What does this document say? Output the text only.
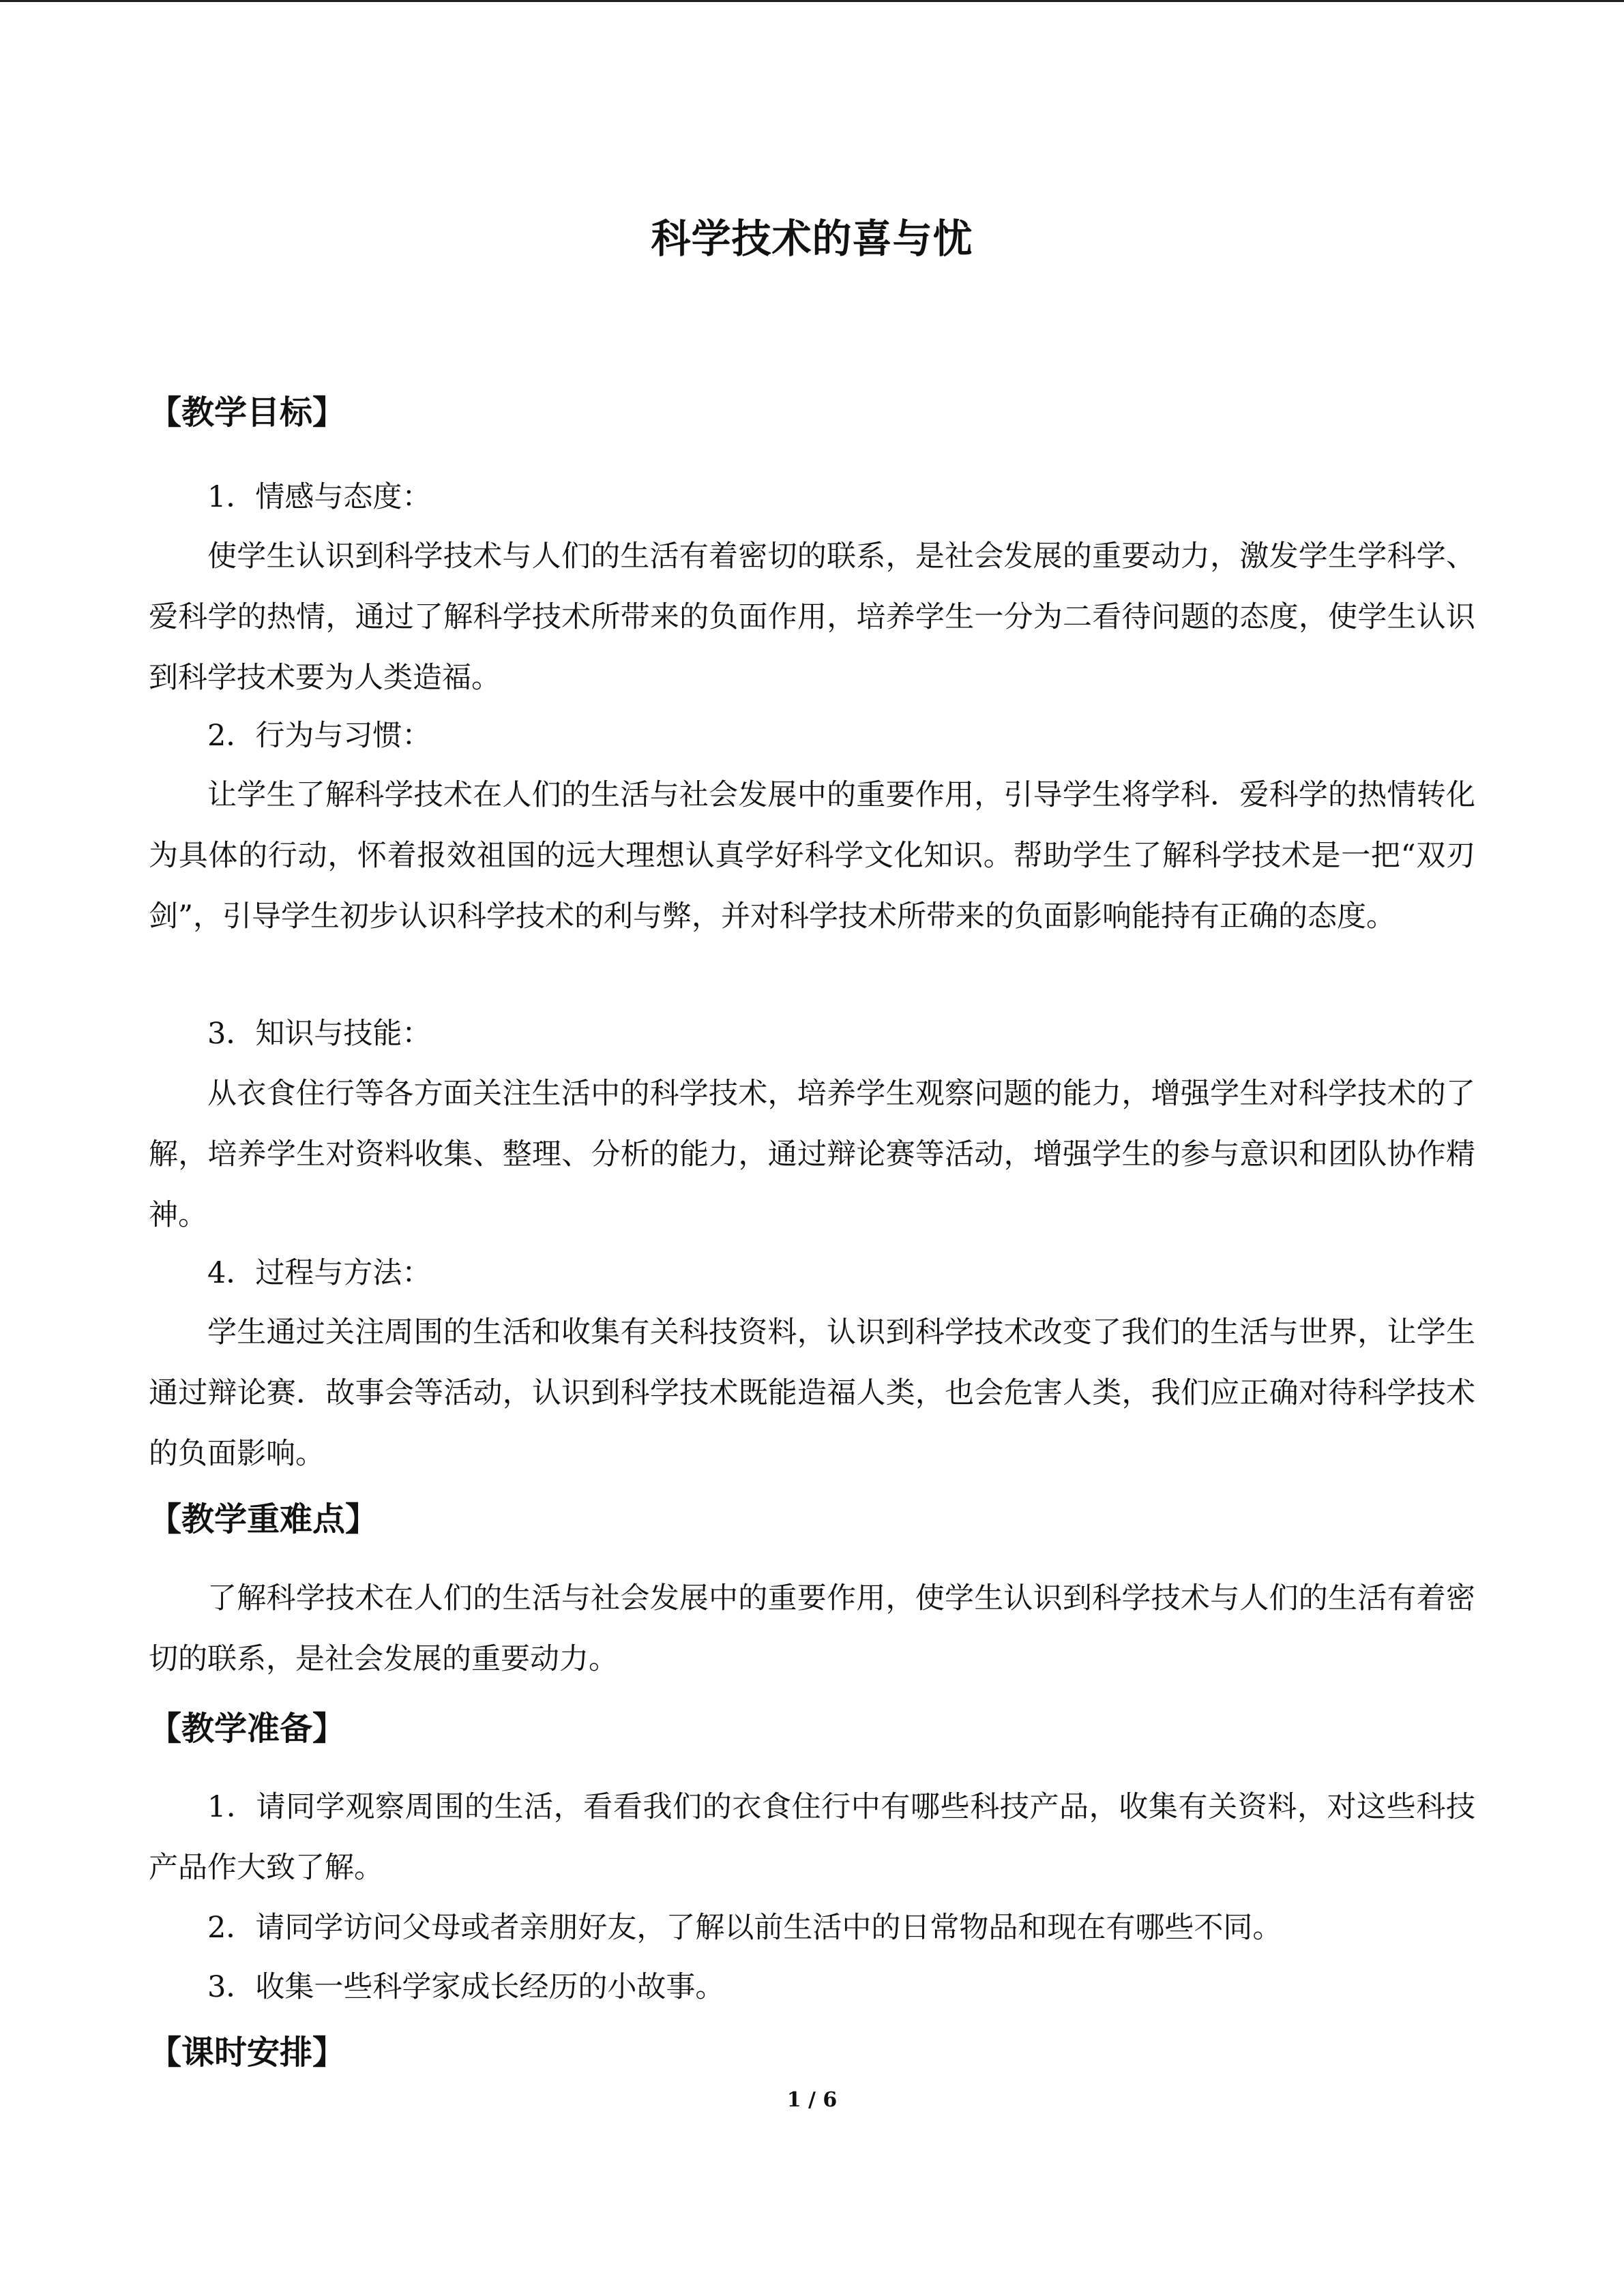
科学技术的喜与忧
【教学目标】
1．情感与态度：

使学生认识到科学技术与人们的生活有着密切的联系，是社会发展的重要动力，激发学生学科学、爱科学的热情，通过了解科学技术所带来的负面作用，培养学生一分为二看待问题的态度，使学生认识到科学技术要为人类造福。

2．行为与习惯：

让学生了解科学技术在人们的生活与社会发展中的重要作用，引导学生将学科．爱科学的热情转化为具体的行动，怀着报效祖国的远大理想认真学好科学文化知识。帮助学生了解科学技术是一把“双刃剑”，引导学生初步认识科学技术的利与弊，并对科学技术所带来的负面影响能持有正确的态度。

3．知识与技能：

从衣食住行等各方面关注生活中的科学技术，培养学生观察问题的能力，增强学生对科学技术的了解，培养学生对资料收集、整理、分析的能力，通过辩论赛等活动，增强学生的参与意识和团队协作精神。

4．过程与方法：

学生通过关注周围的生活和收集有关科技资料，认识到科学技术改变了我们的生活与世界，让学生通过辩论赛．故事会等活动，认识到科学技术既能造福人类，也会危害人类，我们应正确对待科学技术的负面影响。

【教学重难点】

了解科学技术在人们的生活与社会发展中的重要作用，使学生认识到科学技术与人们的生活有着密切的联系，是社会发展的重要动力。

【教学准备】

1．请同学观察周围的生活，看看我们的衣食住行中有哪些科技产品，收集有关资料，对这些科技产品作大致了解。

2．请同学访问父母或者亲朋好友，了解以前生活中的日常物品和现在有哪些不同。

3．收集一些科学家成长经历的小故事。

【课时安排】
1 / 6
